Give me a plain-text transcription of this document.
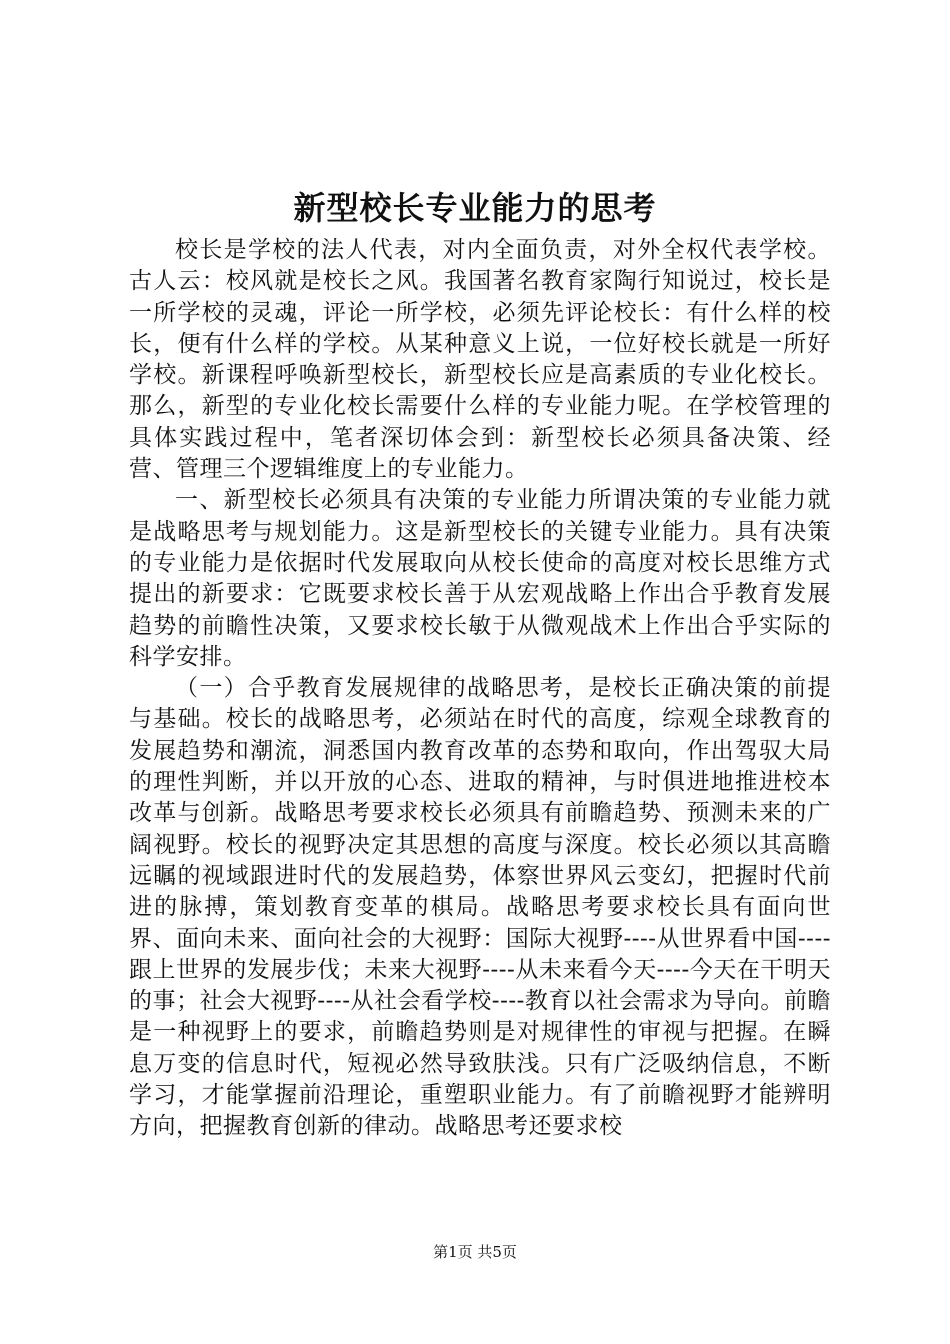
新型校长专业能力的思考

校长是学校的法人代表，对内全面负责，对外全权代表学校。古人云：校风就是校长之风。我国著名教育家陶行知说过，校长是一所学校的灵魂，评论一所学校，必须先评论校长：有什么样的校长，便有什么样的学校。从某种意义上说，一位好校长就是一所好学校。新课程呼唤新型校长，新型校长应是高素质的专业化校长。那么，新型的专业化校长需要什么样的专业能力呢。在学校管理的具体实践过程中，笔者深切体会到：新型校长必须具备决策、经营、管理三个逻辑维度上的专业能力。

一、新型校长必须具有决策的专业能力所谓决策的专业能力就是战略思考与规划能力。这是新型校长的关键专业能力。具有决策的专业能力是依据时代发展取向从校长使命的高度对校长思维方式提出的新要求：它既要求校长善于从宏观战略上作出合乎教育发展趋势的前瞻性决策，又要求校长敏于从微观战术上作出合乎实际的科学安排。

（一）合乎教育发展规律的战略思考，是校长正确决策的前提与基础。校长的战略思考，必须站在时代的高度，综观全球教育的发展趋势和潮流，洞悉国内教育改革的态势和取向，作出驾驭大局的理性判断，并以开放的心态、进取的精神，与时俱进地推进校本改革与创新。战略思考要求校长必须具有前瞻趋势、预测未来的广阔视野。校长的视野决定其思想的高度与深度。校长必须以其高瞻远瞩的视域跟进时代的发展趋势，体察世界风云变幻，把握时代前进的脉搏，策划教育变革的棋局。战略思考要求校长具有面向世界、面向未来、面向社会的大视野：国际大视野----从世界看中国----跟上世界的发展步伐；未来大视野----从未来看今天----今天在干明天的事；社会大视野----从社会看学校----教育以社会需求为导向。前瞻是一种视野上的要求，前瞻趋势则是对规律性的审视与把握。在瞬息万变的信息时代，短视必然导致肤浅。只有广泛吸纳信息，不断学习，才能掌握前沿理论，重塑职业能力。有了前瞻视野才能辨明方向，把握教育创新的律动。战略思考还要求校

第1页 共5页
